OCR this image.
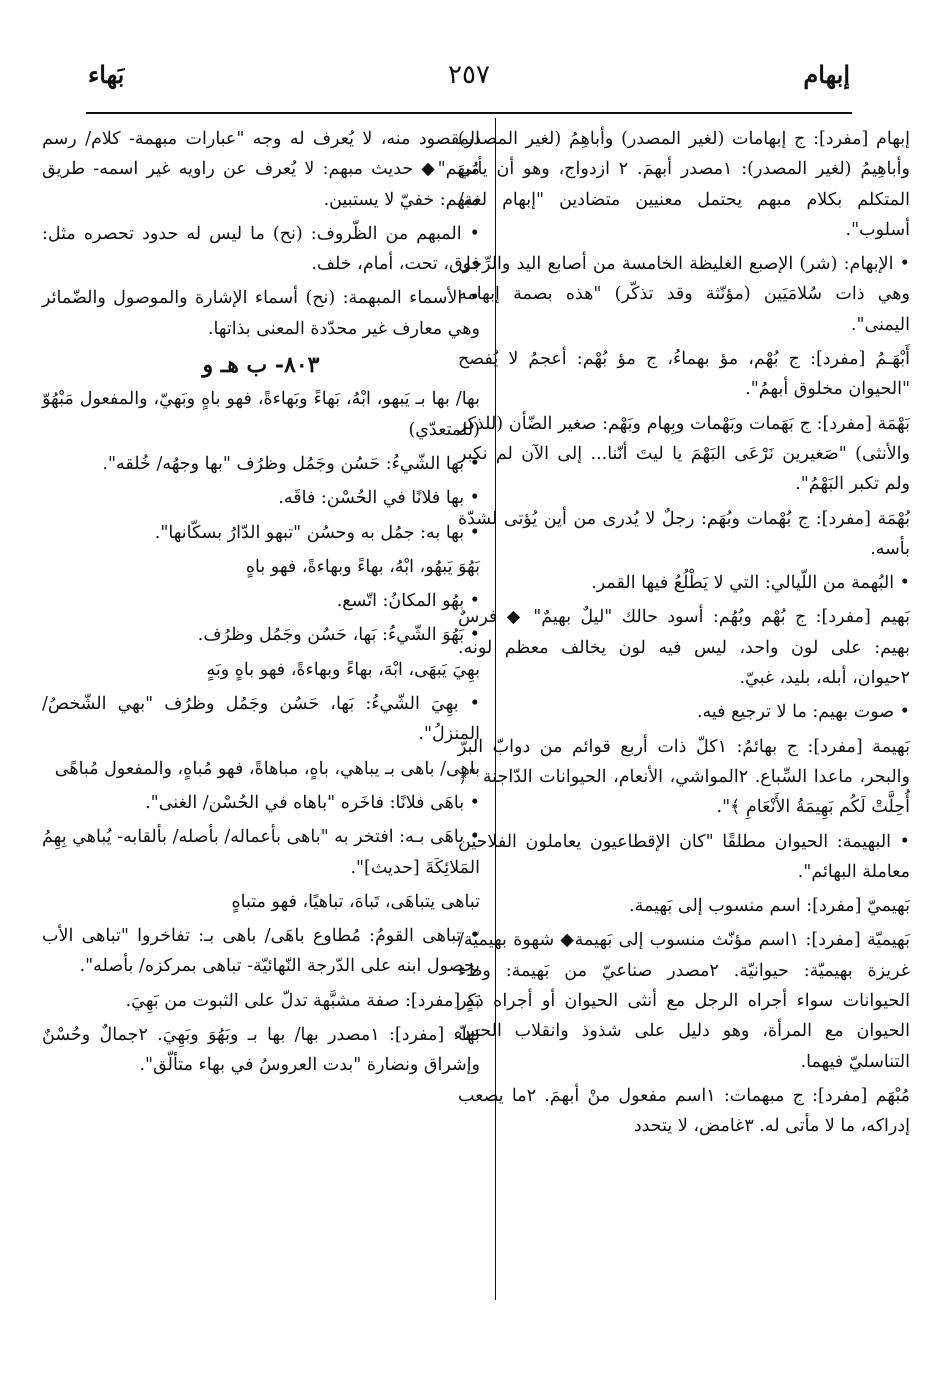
إبهام
٢٥٧
بَهاء
إبهام [مفرد]: ج إبهامات (لغير المصدر) وأباهِمُ (لغير المصدر) وأباهِيمُ (لغير المصدر): ١مصدر أبهمَ. ٢ ازدواج، وهو أن يأتي المتكلم بكلام مبهم يحتمل معنيين متضادين "إبهام لغة/ أسلوب".
• الإبهام: (شر) الإصبع الغليظة الخامسة من أصابع اليد والرِّجل وهي ذات سُلامَيَين (مؤنّثة وقد تذكّر) "هذه بصمة إبهامه اليمنى".
أَبْهَـمُ [مفرد]: ج بُهْم، مؤ بهماءُ، ج مؤ بُهْم: أعجمُ لا يُفصح "الحيوان مخلوق أبهمُ".
بَهْمَة [مفرد]: ج بَهَمات وبَهْمات وبِهام وبَهْم: صغير الضّأن (للذكر والأنثى) "صَغيرين نَرْعَى البَهْمَ يا ليتَ أنّنا... إلى الآن لم نكبر ولم تكبر البَهْمُ".
بُهْمَة [مفرد]: ج بُهْمات وبُهَم: رجلٌ لا يُدرى من أين يُؤتى لشدّة بأسه.
• البُهمة من اللّيالي: التي لا يَطْلُعُ فيها القمر.
بَهيم [مفرد]: ج بُهْم وبُهُم: أسود حالك "ليلٌ بهيمٌ" ◆ فرسٌ بهيم: على لون واحد، ليس فيه لون يخالف معظم لونه. ٢حيوان، أبله، بليد، غبيّ.
• صوت بهيم: ما لا ترجيع فيه.
بَهيمة [مفرد]: ج بهائمُ: ١كلّ ذات أربع قوائم من دوابّ البرّ والبحر، ماعدا السِّباع. ٢المواشي، الأنعام، الحيوانات الدّاجنة "﴿ أُحِلَّتْ لَكُم بَهِيمَةُ الأَنْعَامِ ﴾".
• البهيمة: الحيوان مطلقًا "كان الإقطاعيون يعاملون الفلاحين معاملة البهائم".
بَهيميّ [مفرد]: اسم منسوب إلى بَهيمة.
بَهيميّة [مفرد]: ١اسم مؤنّث منسوب إلى بَهيمة◆ شهوة بهيميّة/ غريزة بهيميّة: حيوانيّة. ٢مصدر صناعيّ من بَهيمة: وطء الحيوانات سواء أجراه الرجل مع أنثى الحيوان أو أجراه ذكر الحيوان مع المرأة، وهو دليل على شذوذ وانقلاب الحسّ التناسليّ فيهما.
مُبْهَم [مفرد]: ج مبهمات: ١اسم مفعول منْ أبهمَ. ٢ما يصعب إدراكه، ما لا مأتى له. ٣غامض، لا يتحدد
المقصود منه، لا يُعرف له وجه "عبارات مبهمة- كلام/ رسم مُبهَم"◆ حديث مبهم: لا يُعرف عن راويه غير اسمه- طريق مبهم: خفيّ لا يستبين.
• المبهم من الظّروف: (نح) ما ليس له حدود تحصره مثل: فوق، تحت، أمام، خلف.
• الأسماء المبهمة: (نح) أسماء الإشارة والموصول والضّمائر وهي معارف غير محدّدة المعنى بذاتها.
٨٠٣- ب هـ و
بها/ بها بـ يَبهو، ابْهُ، بَهاءً وبَهاءةً، فهو باهٍ وبَهيّ، والمفعول مَبْهُوّ (للمتعدّي)
• بها الشّيءُ: حَسُن وجَمُل وظرُف "بها وجهُه/ خُلقه".
• بها فلانًا في الحُسْن: فاقَه.
• بها به: جمُل به وحسُن "تبهو الدّارُ بسكّانها".
بَهُوَ يَبهُو، ابْهُ، بهاءً وبهاءةً، فهو باهٍ
• بهُو المكانُ: اتّسع.
• بَهُوَ الشّيءُ: بَها، حَسُن وجَمُل وظرُف.
بهِيَ يَبهَى، ابْهَ، بهاءً وبهاءةً، فهو باهٍ وبَهٍ
• بهِيَ الشّيءُ: بَها، حَسُن وجَمُل وظرُف "بهي الشّخصُ/ المنزلُ".
باهى/ باهى بـ يباهي، باهٍ، مباهاةً، فهو مُباهٍ، والمفعول مُباهًى
• باهَى فلانًا: فاخَره "باهاه في الحُسْن/ الغنى".
• باهَى بـه: افتخر به "باهى بأعماله/ بأصله/ بألقابه- يُباهي بِهِمُ المَلائِكَةَ [حديث]".
تباهى يتباهَى، تَباهَ، تباهيًا، فهو متباهٍ
• تباهى القومُ: مُطاوع باهَى/ باهى بـ: تفاخروا "تباهى الأب بحصول ابنه على الدّرجة النّهائيّة- تباهى بمركزه/ بأصله".
بَهٍ [مفرد]: صفة مشبَّهة تدلّ على الثبوت من بَهِيَ.
بَهاء [مفرد]: ١مصدر بها/ بها بـ وبَهُوَ وبَهِيَ. ٢جمالٌ وحُسْنٌ وإشراق ونضارة "بدت العروسُ في بهاء متألّق".
